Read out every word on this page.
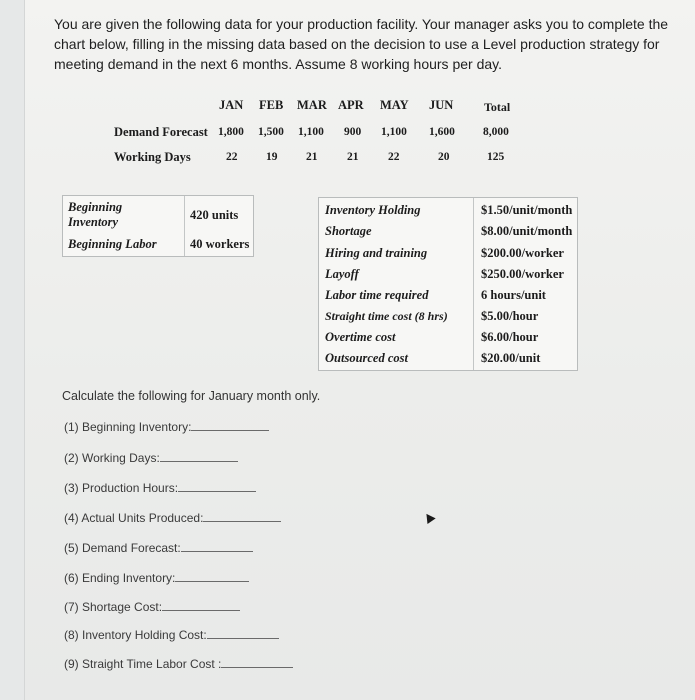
You are given the following data for your production facility. Your manager asks you to complete the chart below, filling in the missing data based on the decision to use a Level production strategy for meeting demand in the next 6 months. Assume 8 working hours per day.

JAN FEB MAR APR MAY JUN	Total
Demand Forecast 1,800 1,500 1,100 900 1,100 1,600 8,000
Working Days	22 19 21	21	22	20	125
Beginning
Inventory	420 units
Beginning Labor	40 workers
Inventory Holding	$1.50/unit/month
Shortage	$8.00/unit/month
Hiring and training	$200.00/worker
Layoff	$250.00/worker
Labor time required	6 hours/unit
Straight time cost (8 hrs)	$5.00/hour
Overtime cost	$6.00/hour
Outsourced cost	$20.00/unit
Calculate the following for January month only.
(1) Beginning Inventory:
(2) Working Days:
(3) Production Hours:
(4) Actual Units Produced:
(5) Demand Forecast:
(6) Ending Inventory:
(7) Shortage Cost:
(8) Inventory Holding Cost:
(9) Straight Time Labor Cost :
